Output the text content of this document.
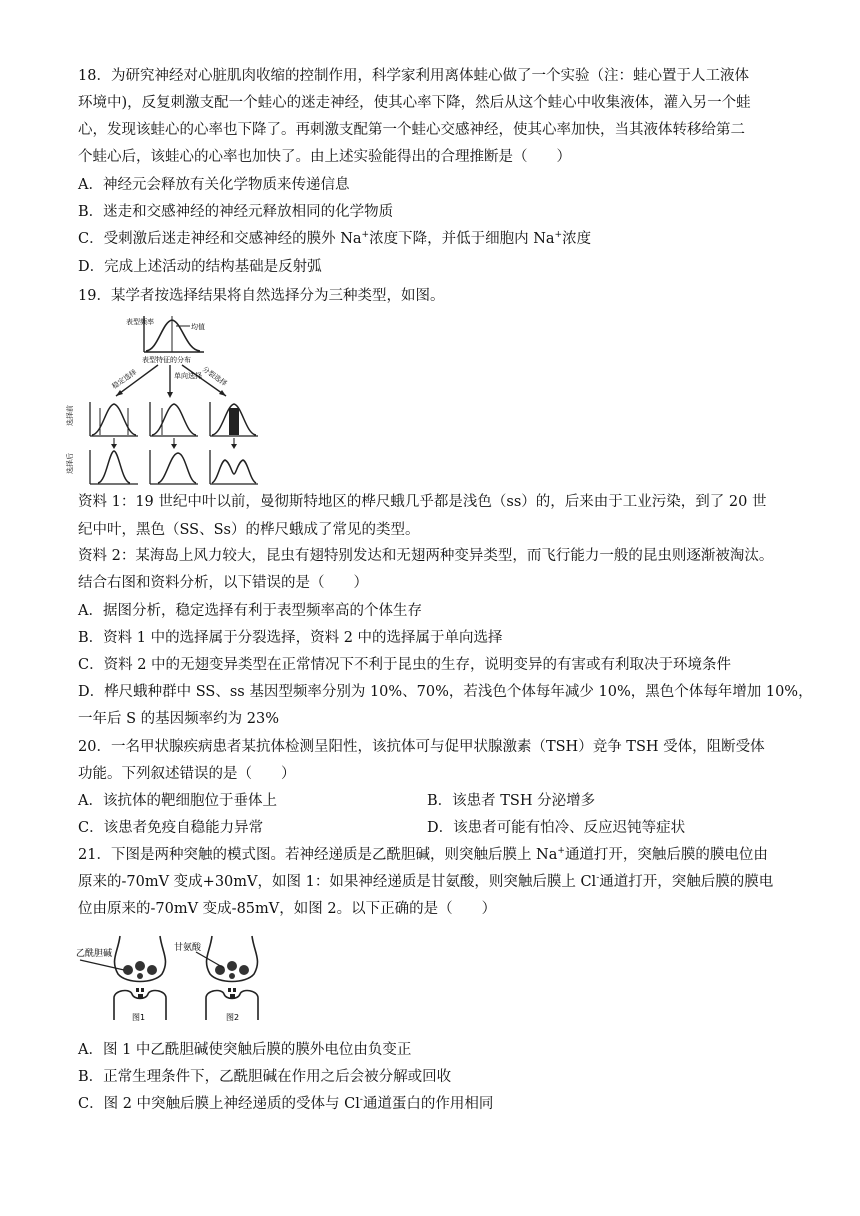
18．为研究神经对心脏肌肉收缩的控制作用，科学家利用离体蛙心做了一个实验（注：蛙心置于人工液体
环境中)，反复刺激支配一个蛙心的迷走神经，使其心率下降，然后从这个蛙心中收集液体，灌入另一个蛙
心，发现该蛙心的心率也下降了。再刺激支配第一个蛙心交感神经，使其心率加快，当其液体转移给第二
个蛙心后，该蛙心的心率也加快了。由上述实验能得出的合理推断是（　　）
A．神经元会释放有关化学物质来传递信息
B．迷走和交感神经的神经元释放相同的化学物质
C．受刺激后迷走神经和交感神经的膜外 Na+浓度下降，并低于细胞内 Na+浓度
D．完成上述活动的结构基础是反射弧
19．某学者按选择结果将自然选择分为三种类型，如图。
表型频率
均值
表型特征的分布
稳定选择	单向选择
分裂选择
选择前
选择后
资料 1：19 世纪中叶以前，曼彻斯特地区的桦尺蛾几乎都是浅色（ss）的，后来由于工业污染，到了 20 世
纪中叶，黑色（SS、Ss）的桦尺蛾成了常见的类型。
资料 2：某海岛上风力较大，昆虫有翅特别发达和无翅两种变异类型，而飞行能力一般的昆虫则逐渐被淘汰。
结合右图和资料分析，以下错误的是（　　）
A．据图分析，稳定选择有利于表型频率高的个体生存
B．资料 1 中的选择属于分裂选择，资料 2 中的选择属于单向选择
C．资料 2 中的无翅变异类型在正常情况下不利于昆虫的生存，说明变异的有害或有利取决于环境条件
D．桦尺蛾种群中 SS、ss 基因型频率分别为 10%、70%，若浅色个体每年减少 10%，黑色个体每年增加 10%，
一年后 S 的基因频率约为 23%
20．一名甲状腺疾病患者某抗体检测呈阳性，该抗体可与促甲状腺激素（TSH）竞争 TSH 受体，阻断受体
功能。下列叙述错误的是（　　）
A．该抗体的靶细胞位于垂体上	B．该患者 TSH 分泌增多
C．该患者免疫自稳能力异常	D．该患者可能有怕冷、反应迟钝等症状
21．下图是两种突触的模式图。若神经递质是乙酰胆碱，则突触后膜上 Na+通道打开，突触后膜的膜电位由
原来的-70mV 变成+30mV，如图 1：如果神经递质是甘氨酸，则突触后膜上 Cl-通道打开，突触后膜的膜电
位由原来的-70mV 变成-85mV，如图 2。以下正确的是（　　）
乙酰胆碱
图1
甘氨酸
图2
A．图 1 中乙酰胆碱使突触后膜的膜外电位由负变正
B．正常生理条件下，乙酰胆碱在作用之后会被分解或回收
C．图 2 中突触后膜上神经递质的受体与 Cl-通道蛋白的作用相同
